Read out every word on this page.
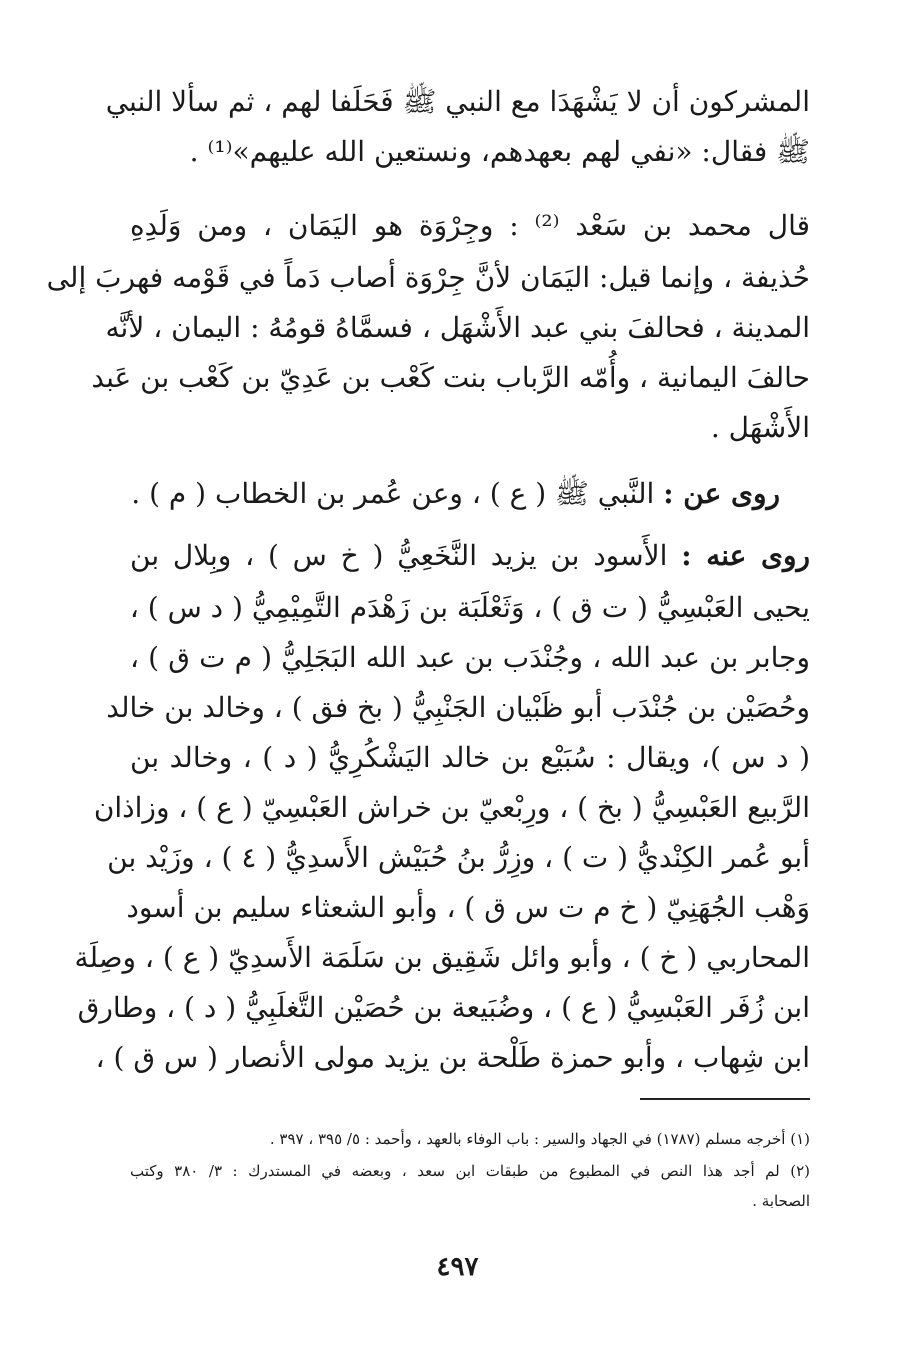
المشركون أن لا يَشْهَدَا مع النبي ﷺ فَحَلَفا لهم ، ثم سألا النبي
ﷺ فقال: «نفي لهم بعهدهم، ونستعين الله عليهم»⁽¹⁾ .
قال محمد بن سَعْد ⁽²⁾ : وجِرْوَة هو اليَمَان ، ومن وَلَدِهِ
حُذيفة ، وإنما قيل: اليَمَان لأنَّ جِرْوَة أصاب دَماً في قَوْمه فهربَ إلى
المدينة ، فحالفَ بني عبد الأَشْهَل ، فسمَّاهُ قومُهُ : اليمان ، لأنَّه
حالفَ اليمانية ، وأُمّه الرَّباب بنت كَعْب بن عَدِيّ بن كَعْب بن عَبد
الأَشْهَل .
روى عن : النَّبي ﷺ ( ع ) ، وعن عُمر بن الخطاب ( م ) .
روى عنه : الأَسود بن يزيد النَّخَعِيُّ ( خ س ) ، وبِلال بن
يحيى العَبْسِيُّ ( ت ق ) ، وَثَعْلَبَة بن زَهْدَم التَّمِيْمِيُّ ( د س ) ،
وجابر بن عبد الله ، وجُنْدَب بن عبد الله البَجَلِيُّ ( م ت ق ) ،
وحُصَيْن بن جُنْدَب أبو ظَبْيان الجَنْبِيُّ ( بخ فق ) ، وخالد بن خالد
( د س )، ويقال : سُبَيْع بن خالد اليَشْكُرِيُّ ( د ) ، وخالد بن
الرَّبيع العَبْسِيُّ ( بخ ) ، ورِبْعيّ بن خراش العَبْسِيّ ( ع ) ، وزاذان
أبو عُمر الكِنْديُّ ( ت ) ، وزِرُّ بنُ حُبَيْش الأَسدِيُّ ( ٤ ) ، وزَيْد بن
وَهْب الجُهَنِيّ ( خ م ت س ق ) ، وأبو الشعثاء سليم بن أسود
المحاربي ( خ ) ، وأبو وائل شَقِيق بن سَلَمَة الأَسدِيّ ( ع ) ، وصِلَة
ابن زُفَر العَبْسِيُّ ( ع ) ، وضُبَيعة بن حُصَيْن التَّغلَبِيُّ ( د ) ، وطارق
ابن شِهاب ، وأبو حمزة طَلْحة بن يزيد مولى الأنصار ( س ق ) ،
(١) أخرجه مسلم (١٧٨٧) في الجهاد والسير : باب الوفاء بالعهد ، وأحمد : ٥/ ٣٩٥ ، ٣٩٧ .
(٢) لم أجد هذا النص في المطبوع من طبقات ابن سعد ، وبعضه في المستدرك : ٣/ ٣٨٠ وكتب
الصحابة .
٤٩٧
